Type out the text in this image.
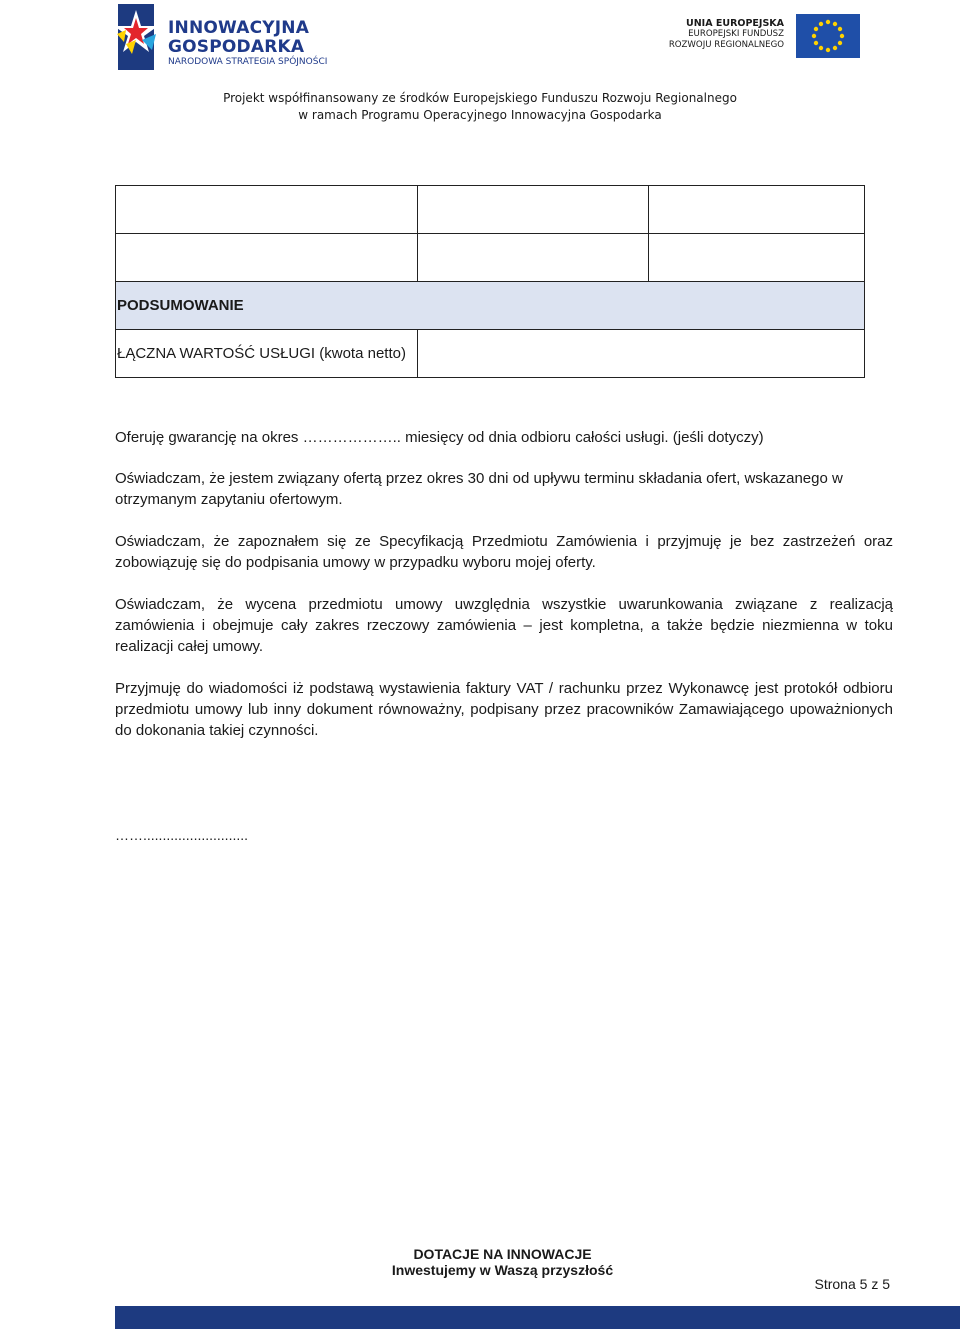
INNOWACYJNA
GOSPODARKA
NARODOWA STRATEGIA SPÓJNOŚCI
UNIA EUROPEJSKA
EUROPEJSKI FUNDUSZ
ROZWOJU REGIONALNEGO
Projekt współfinansowany ze środków Europejskiego Funduszu Rozwoju Regionalnego
w ramach Programu Operacyjnego Innowacyjna Gospodarka

PODSUMOWANIE		
ŁĄCZNA WARTOŚĆ USŁUGI (kwota netto)		
Oferuję gwarancję na okres ……………….. miesięcy od dnia odbioru całości usługi. (jeśli dotyczy)
Oświadczam, że jestem związany ofertą przez okres 30 dni od upływu terminu składania ofert, wskazanego w otrzymanym zapytaniu ofertowym.
Oświadczam, że zapoznałem się ze Specyfikacją Przedmiotu Zamówienia i przyjmuję je bez zastrzeżeń oraz zobowiązuję się do podpisania umowy w przypadku wyboru mojej oferty.
Oświadczam, że wycena przedmiotu umowy uwzględnia wszystkie uwarunkowania związane z realizacją zamówienia i obejmuje cały zakres rzeczowy zamówienia – jest kompletna, a także będzie niezmienna w toku realizacji całej umowy.
Przyjmuję do wiadomości iż podstawą wystawienia faktury VAT / rachunku przez Wykonawcę jest protokół odbioru przedmiotu umowy lub inny dokument równoważny, podpisany przez pracowników Zamawiającego upoważnionych do dokonania takiej czynności.
……...........................
DOTACJE NA INNOWACJE
Inwestujemy w Waszą przyszłość
Strona 5 z 5
